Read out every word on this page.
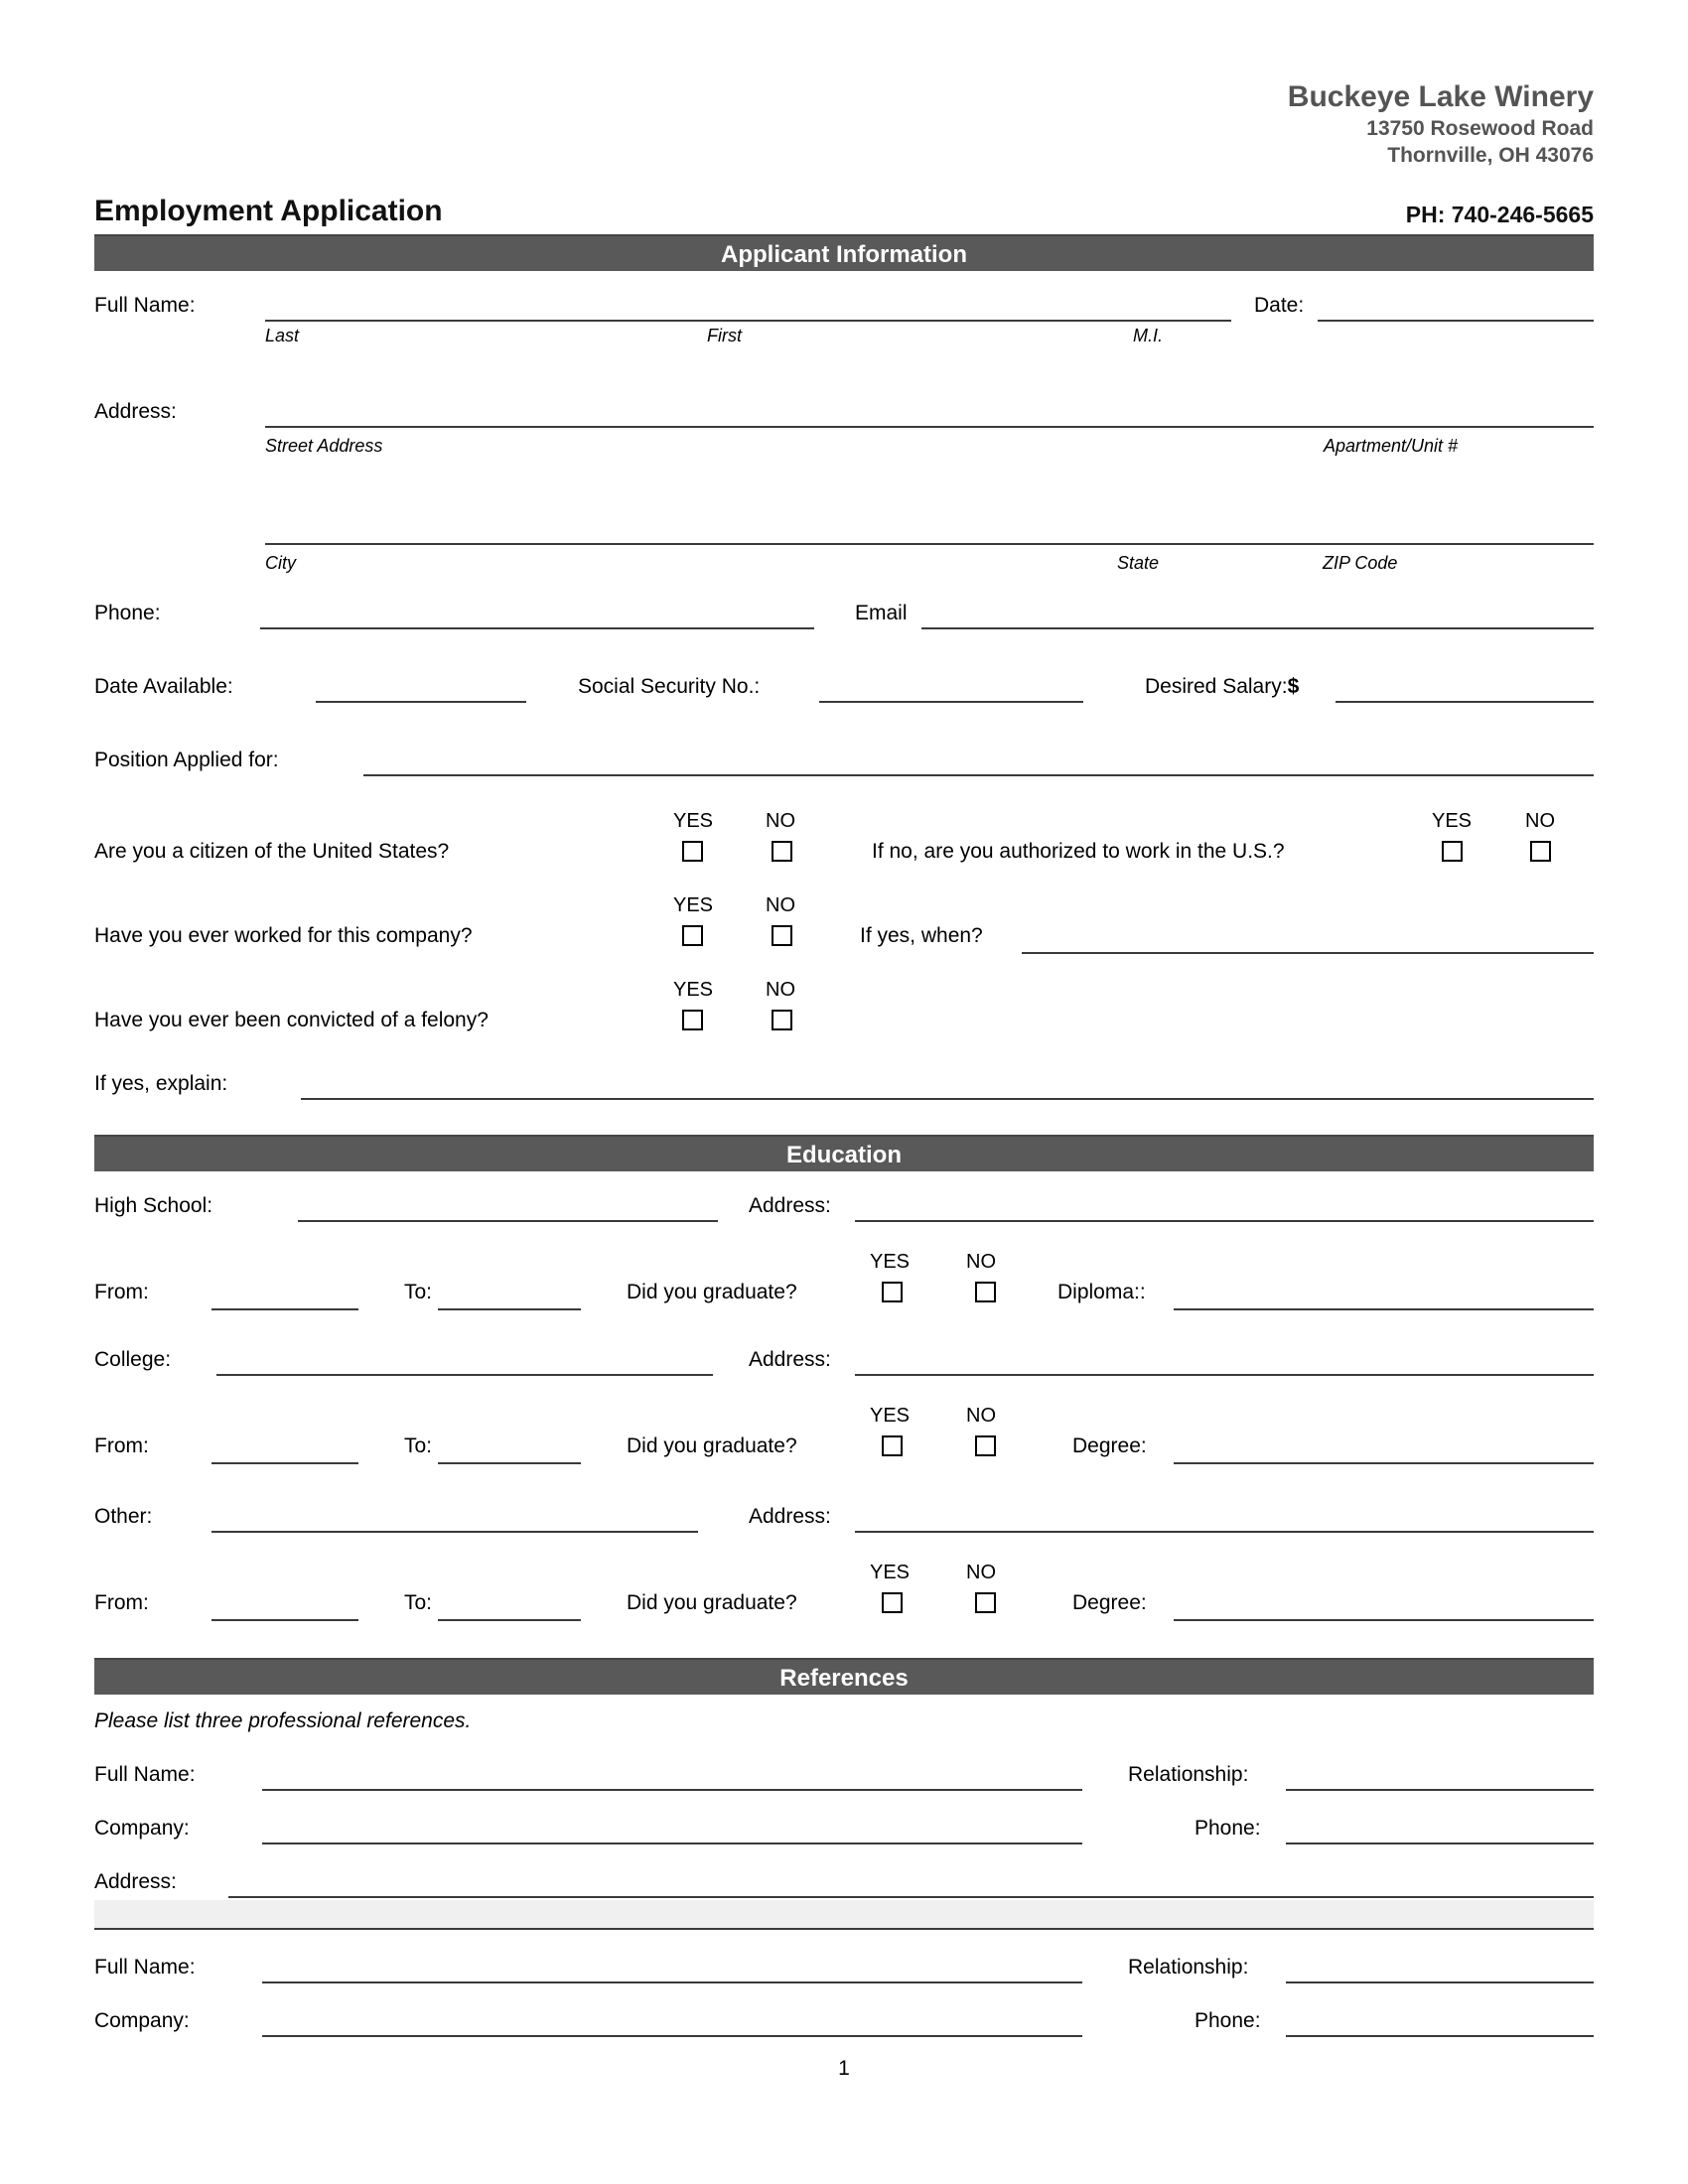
Buckeye Lake Winery
13750 Rosewood Road
Thornville, OH 43076
Employment Application	PH: 740-246-5665
Applicant Information
Full Name:	Date:
Last	First	M.I.
Address:
Street Address	Apartment/Unit #
City	State	ZIP Code
Phone:	Email
Date Available:	Social Security No.:	Desired Salary:$
Position Applied for:
YES	NO
Are you a citizen of the United States?	If no, are you authorized to work in the U.S.?
YES	NO
YES	NO
Have you ever worked for this company?	If yes, when?
YES	NO
Have you ever been convicted of a felony?
If yes, explain:
Education
High School:	Address:
YES	NO
From:	To:	Did you graduate?	Diploma::
College:	Address:
YES	NO
From:	To:	Did you graduate?	Degree:
Other:	Address:
YES	NO
From:	To:	Did you graduate?	Degree:
References
Please list three professional references.
Full Name:	Relationship:
Company:	Phone:
Address:
Full Name:	Relationship:
Company:	Phone:
1
